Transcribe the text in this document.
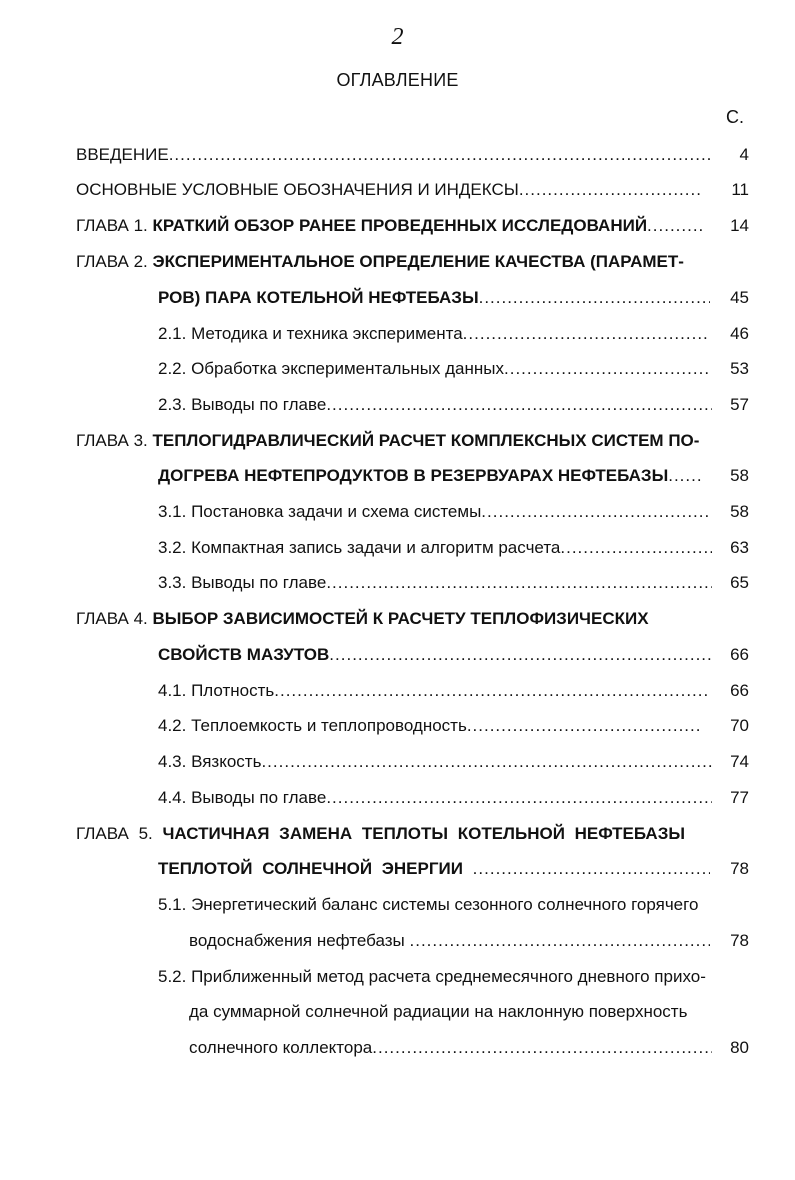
2
ОГЛАВЛЕНИЕ
С.
ВВЕДЕНИЕ .....	4
ОСНОВНЫЕ УСЛОВНЫЕ ОБОЗНАЧЕНИЯ И ИНДЕКСЫ .....	11
ГЛАВА 1. КРАТКИЙ ОБЗОР РАНЕЕ ПРОВЕДЕННЫХ ИССЛЕДОВАНИЙ .....	14
ГЛАВА 2. ЭКСПЕРИМЕНТАЛЬНОЕ ОПРЕДЕЛЕНИЕ КАЧЕСТВА (ПАРАМЕТ-
РОВ) ПАРА КОТЕЛЬНОЙ НЕФТЕБАЗЫ .....	45
2.1. Методика и техника эксперимента .....	46
2.2. Обработка экспериментальных данных .....	53
2.3. Выводы по главе .....	57
ГЛАВА 3. ТЕПЛОГИДРАВЛИЧЕСКИЙ РАСЧЕТ КОМПЛЕКСНЫХ СИСТЕМ ПО-
ДОГРЕВА НЕФТЕПРОДУКТОВ В РЕЗЕРВУАРАХ НЕФТЕБАЗЫ .....	58
3.1. Постановка задачи и схема системы .....	58
3.2. Компактная запись задачи и алгоритм расчета .....	63
3.3. Выводы по главе .....	65
ГЛАВА 4. ВЫБОР ЗАВИСИМОСТЕЙ К РАСЧЕТУ ТЕПЛОФИЗИЧЕСКИХ
СВОЙСТВ МАЗУТОВ .....	66
4.1. Плотность .....	66
4.2. Теплоемкость и теплопроводность .....	70
4.3. Вязкость .....	74
4.4. Выводы по главе .....	77
ГЛАВА 5. ЧАСТИЧНАЯ ЗАМЕНА ТЕПЛОТЫ КОТЕЛЬНОЙ НЕФТЕБАЗЫ
ТЕПЛОТОЙ СОЛНЕЧНОЙ ЭНЕРГИИ .....	78
5.1. Энергетический баланс системы сезонного солнечного горячего
водоснабжения нефтебазы .....	78
5.2. Приближенный метод расчета среднемесячного дневного прихо-
да суммарной солнечной радиации на наклонную поверхность
солнечного коллектора .....	80
